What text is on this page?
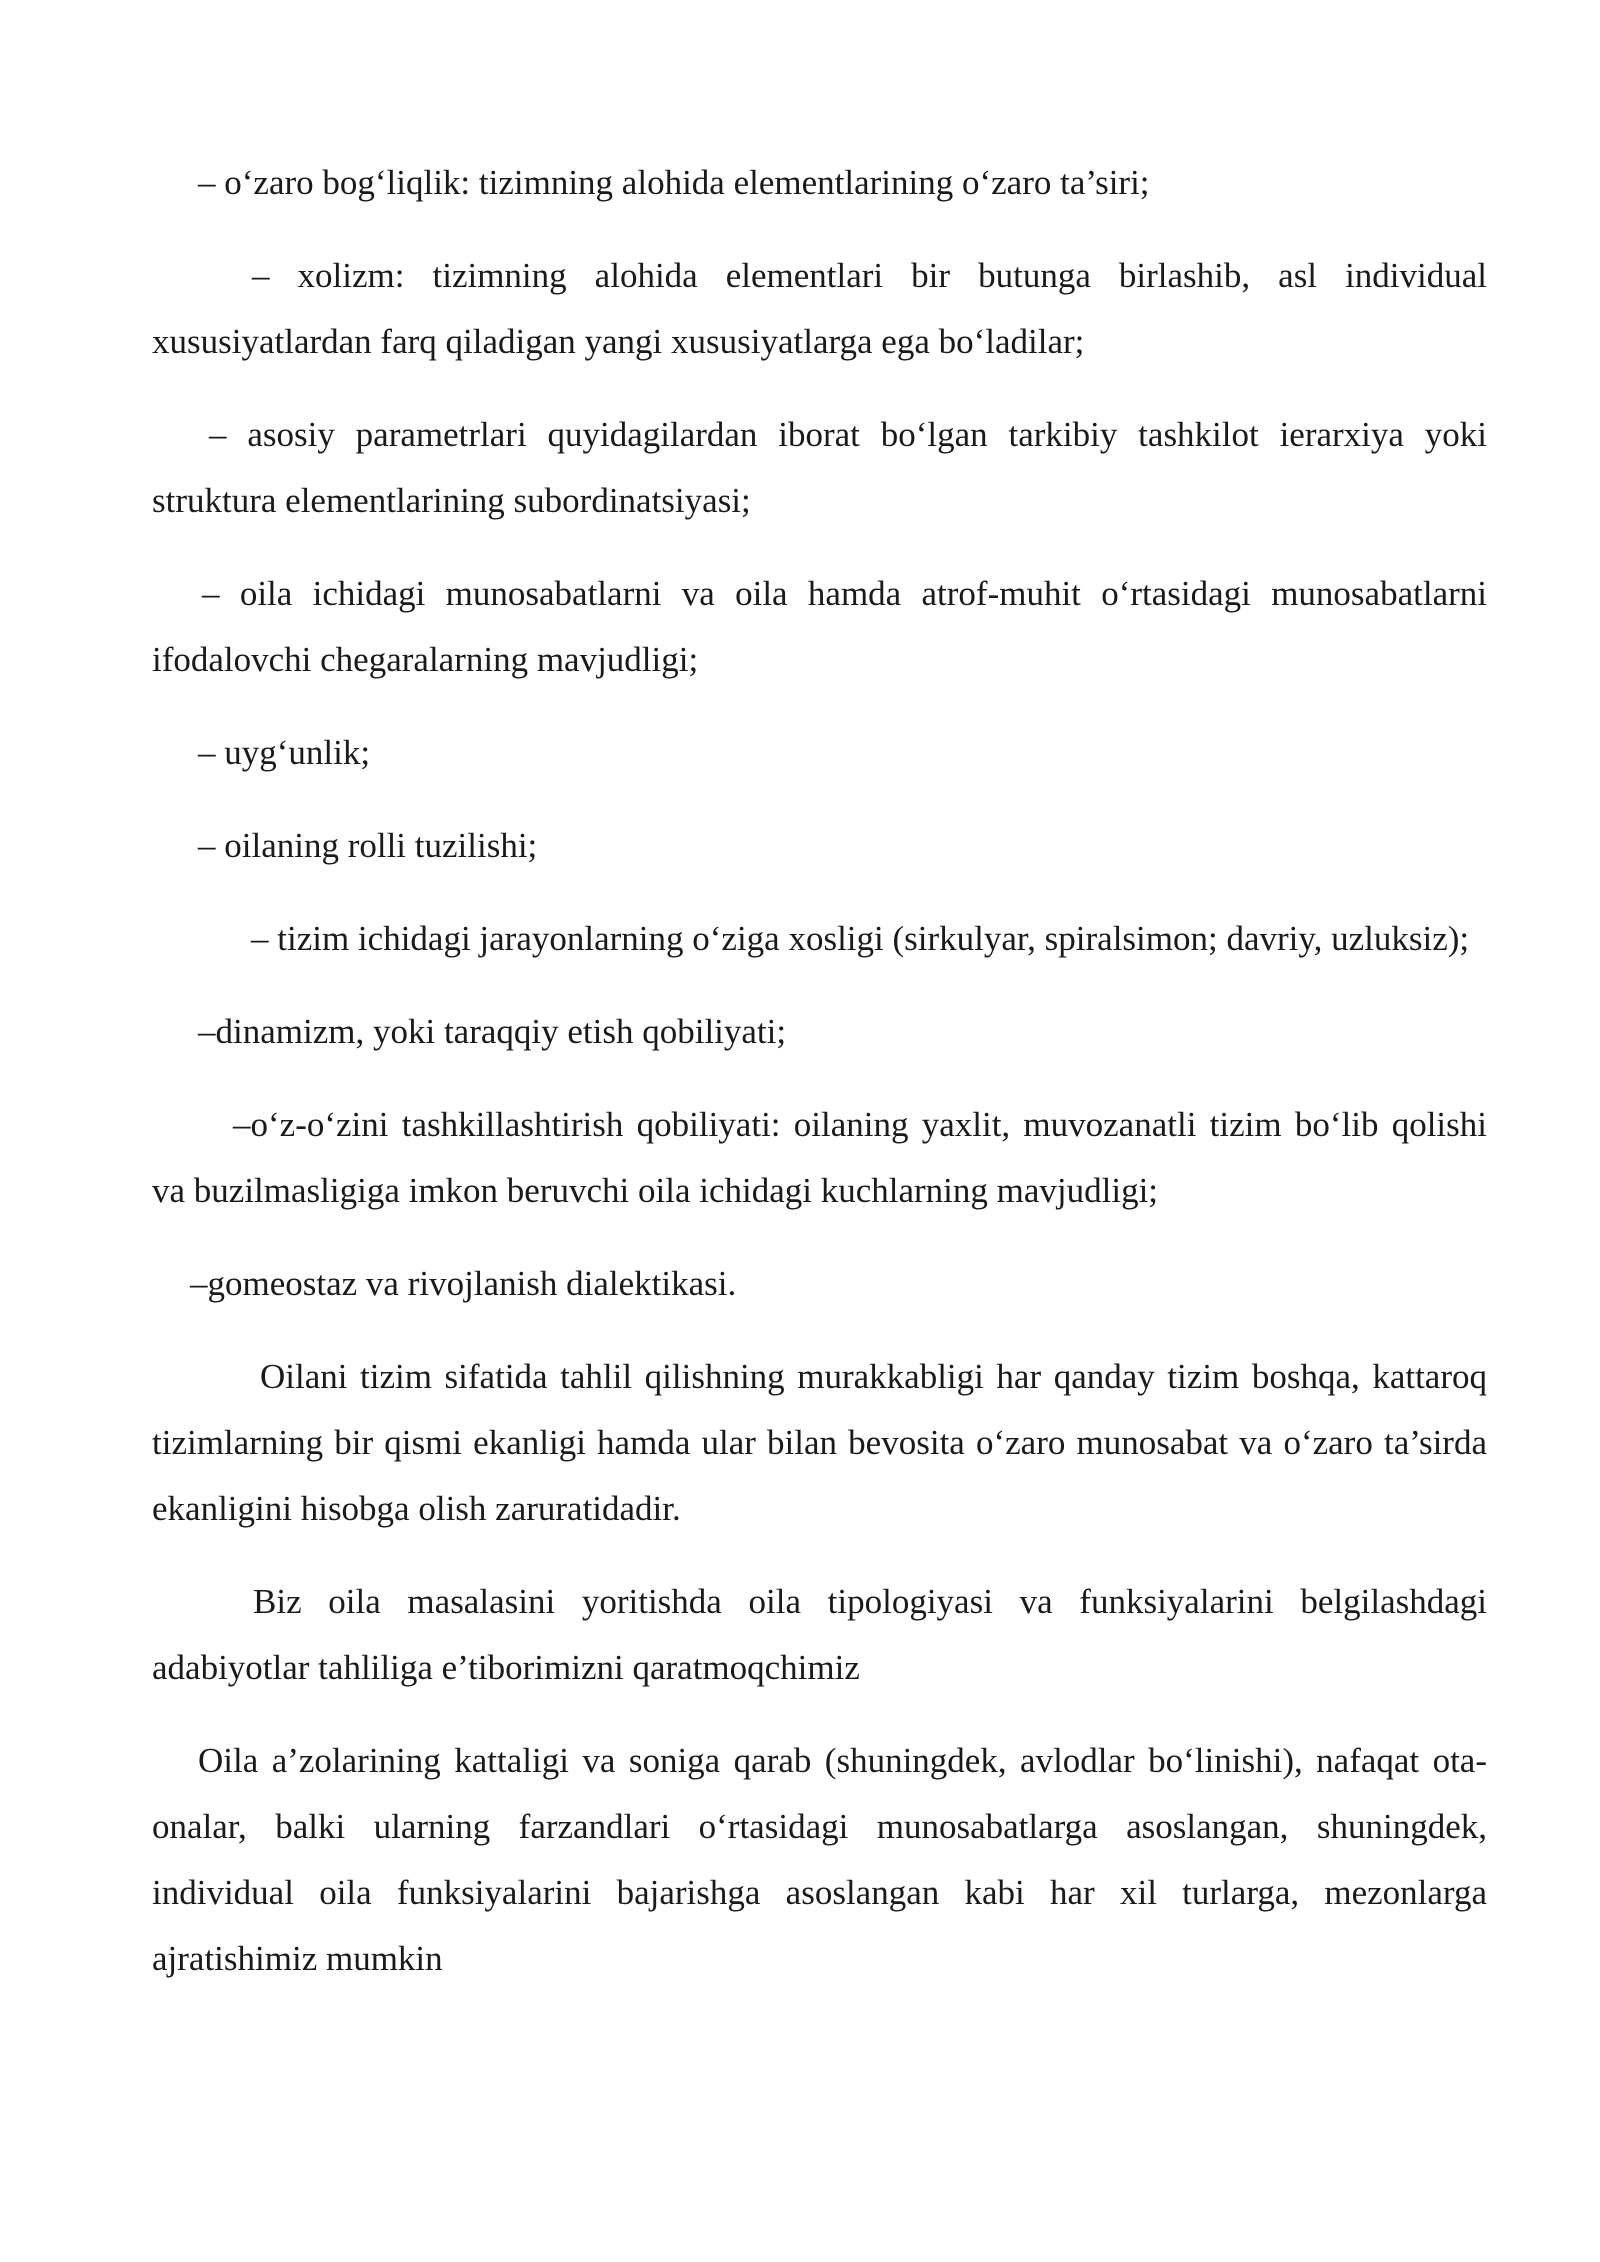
– o‘zaro bog‘liqlik: tizimning alohida elementlarining o‘zaro ta’siri;

– xolizm: tizimning alohida elementlari bir butunga birlashib, asl individual xususiyatlardan farq qiladigan yangi xususiyatlarga ega bo‘ladilar;

– asosiy parametrlari quyidagilardan iborat bo‘lgan tarkibiy tashkilot ierarxiya yoki struktura elementlarining subordinatsiyasi;

– oila ichidagi munosabatlarni va oila hamda atrof-muhit o‘rtasidagi munosabatlarni ifodalovchi chegaralarning mavjudligi;

– uyg‘unlik;

– oilaning rolli tuzilishi;

– tizim ichidagi jarayonlarning o‘ziga xosligi (sirkulyar, spiralsimon; davriy, uzluksiz);

–dinamizm, yoki taraqqiy etish qobiliyati;

–o‘z-o‘zini tashkillashtirish qobiliyati: oilaning yaxlit, muvozanatli tizim bo‘lib qolishi va buzilmasligiga imkon beruvchi oila ichidagi kuchlarning mavjudligi;

–gomeostaz va rivojlanish dialektikasi.

Oilani tizim sifatida tahlil qilishning murakkabligi har qanday tizim boshqa, kattaroq tizimlarning bir qismi ekanligi hamda ular bilan bevosita o‘zaro munosabat va o‘zaro ta’sirda ekanligini hisobga olish zaruratidadir.

Biz oila masalasini yoritishda oila tipologiyasi va funksiyalarini belgilashdagi adabiyotlar tahliliga e’tiborimizni qaratmoqchimiz

Oila a’zolarining kattaligi va soniga qarab (shuningdek, avlodlar bo‘linishi), nafaqat ota-onalar, balki ularning farzandlari o‘rtasidagi munosabatlarga asoslangan, shuningdek, individual oila funksiyalarini bajarishga asoslangan kabi har xil turlarga, mezonlarga ajratishimiz mumkin
